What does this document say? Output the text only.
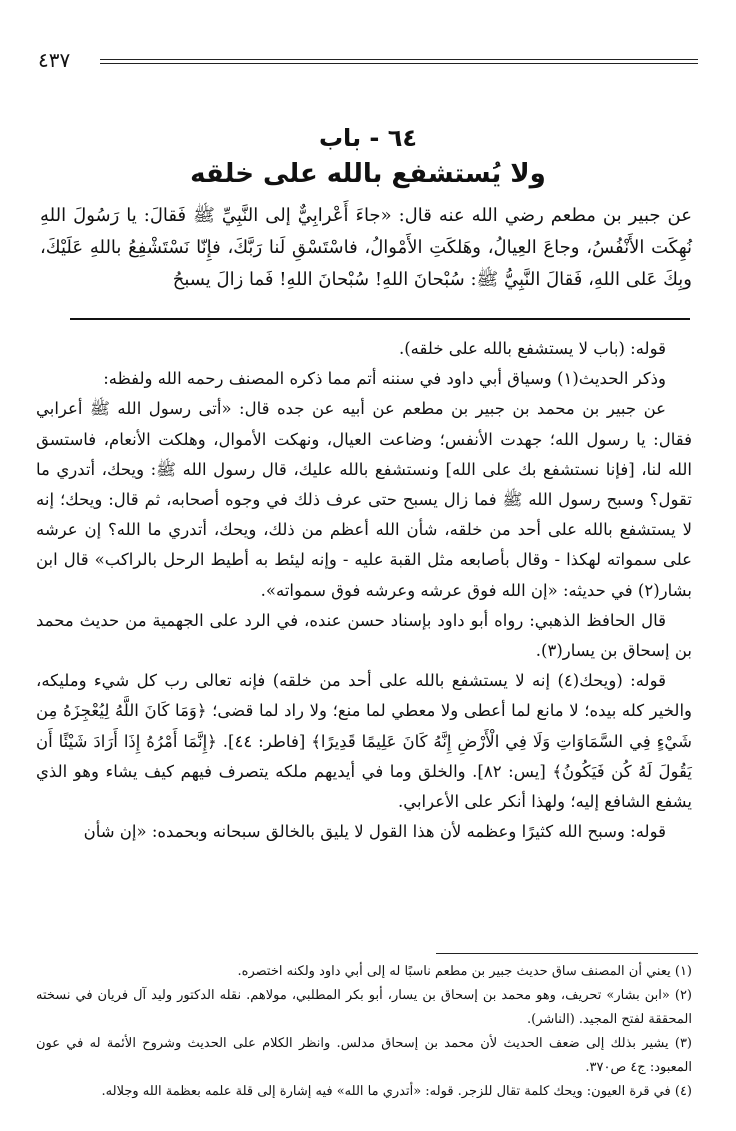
٤٣٧
٦٤ - باب
ولا يُستشفع بالله على خلقه
عن جبير بن مطعم رضي الله عنه قال: «جاءَ أَعْرابِيٌّ إلى النَّبِيِّ ﷺ فَقالَ: يا رَسُولَ اللهِ نُهِكَت الأَنْفُسُ، وجاعَ العِيالُ، وهَلكَتِ الأَمْوالُ، فاسْتَسْقِ لَنا رَبَّكَ، فإِنّا نَسْتَشْفِعُ باللهِ عَلَيْكَ، وبِكَ عَلى اللهِ، فَقالَ النَّبِيُّ ﷺ: سُبْحانَ اللهِ! سُبْحانَ اللهِ! فَما زالَ يسبحُ

قوله: (باب لا يستشفع بالله على خلقه).

وذكر الحديث(١) وسياق أبي داود في سننه أتم مما ذكره المصنف رحمه الله ولفظه:

عن جبير بن محمد بن جبير بن مطعم عن أبيه عن جده قال: «أتى رسول الله ﷺ أعرابي فقال: يا رسول الله؛ جهدت الأنفس؛ وضاعت العيال، ونهكت الأموال، وهلكت الأنعام، فاستسق الله لنا، [فإنا نستشفع بك على الله] ونستشفع بالله عليك، قال رسول الله ﷺ: ويحك، أتدري ما تقول؟ وسبح رسول الله ﷺ فما زال يسبح حتى عرف ذلك في وجوه أصحابه، ثم قال: ويحك؛ إنه لا يستشفع بالله على أحد من خلقه، شأن الله أعظم من ذلك، ويحك، أتدري ما الله؟ إن عرشه على سمواته لهكذا - وقال بأصابعه مثل القبة عليه - وإنه ليئط به أطيط الرحل بالراكب» قال ابن بشار(٢) في حديثه: «إن الله فوق عرشه وعرشه فوق سمواته».

قال الحافظ الذهبي: رواه أبو داود بإسناد حسن عنده، في الرد على الجهمية من حديث محمد بن إسحاق بن يسار(٣).

قوله: (ويحك(٤) إنه لا يستشفع بالله على أحد من خلقه) فإنه تعالى رب كل شيء ومليكه، والخير كله بيده؛ لا مانع لما أعطى ولا معطي لما منع؛ ولا راد لما قضى؛ ﴿وَمَا كَانَ اللَّهُ لِيُعْجِزَهُ مِن شَيْءٍ فِي السَّمَاوَاتِ وَلَا فِي الْأَرْضِ إِنَّهُ كَانَ عَلِيمًا قَدِيرًا﴾ [فاطر: ٤٤]. ﴿إِنَّمَا أَمْرُهُ إِذَا أَرَادَ شَيْئًا أَن يَقُولَ لَهُ كُن فَيَكُونُ﴾ [يس: ٨٢]. والخلق وما في أيديهم ملكه يتصرف فيهم كيف يشاء وهو الذي يشفع الشافع إليه؛ ولهذا أنكر على الأعرابي.

قوله: وسبح الله كثيرًا وعظمه لأن هذا القول لا يليق بالخالق سبحانه وبحمده: «إن شأن

(١) يعني أن المصنف ساق حديث جبير بن مطعم ناسبًا له إلى أبي داود ولكنه اختصره.

(٢) «ابن بشار» تحريف، وهو محمد بن إسحاق بن يسار، أبو بكر المطلبي، مولاهم. نقله الدكتور وليد آل فريان في نسخته المحققة لفتح المجيد. (الناشر).

(٣) يشير بذلك إلى ضعف الحديث لأن محمد بن إسحاق مدلس. وانظر الكلام على الحديث وشروح الأئمة له في عون المعبود: ج٤ ص٣٧٠.

(٤) في قرة العيون: ويحك كلمة تقال للزجر. قوله: «أتدري ما الله» فيه إشارة إلى قلة علمه بعظمة الله وجلاله.
